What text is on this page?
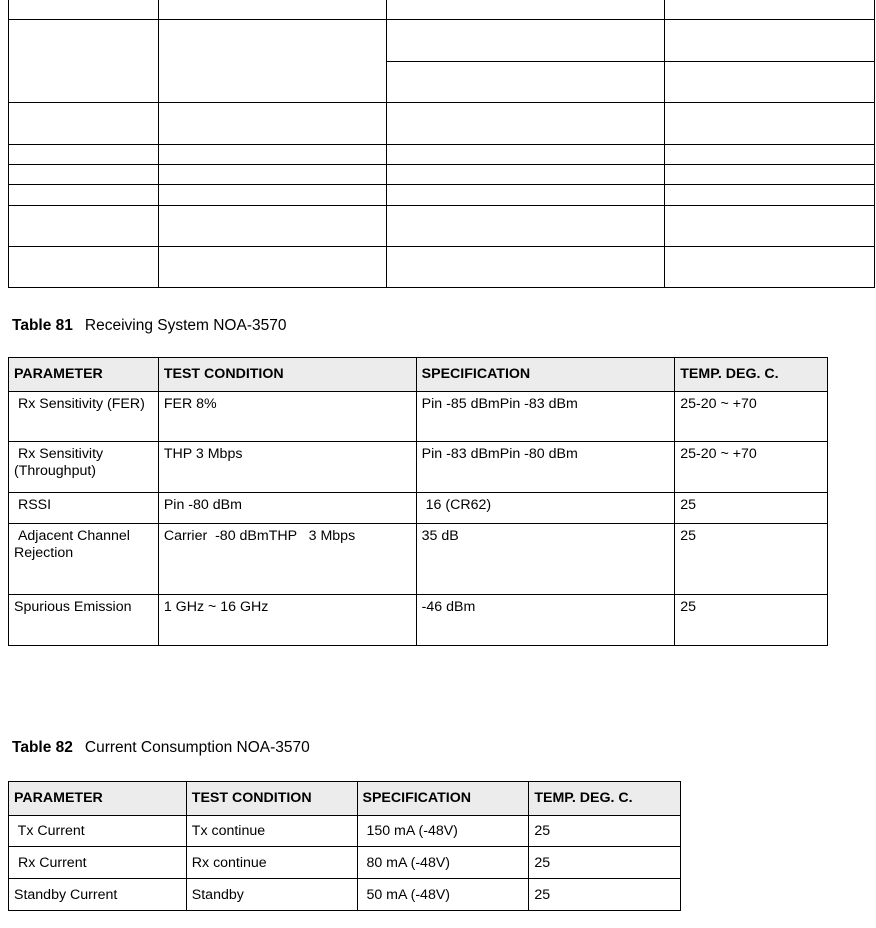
Table 81 Receiving System NOA-3570
PARAMETER	TEST CONDITION	SPECIFICATION	TEMP. DEG. C.
Rx Sensitivity (FER)	FER 8%	Pin -85 dBmPin -83 dBm	25-20 ~ +70
Rx Sensitivity (Throughput)	THP 3 Mbps	Pin -83 dBmPin -80 dBm	25-20 ~ +70
RSSI	Pin -80 dBm	16 (CR62)	25
Adjacent Channel Rejection	Carrier  -80 dBmTHP   3 Mbps	35 dB	25
Spurious Emission	1 GHz ~ 16 GHz	-46 dBm	25
Table 82 Current Consumption NOA-3570
PARAMETER	TEST CONDITION	SPECIFICATION	TEMP. DEG. C.
Tx Current	Tx continue	150 mA (-48V)	25
Rx Current	Rx continue	80 mA (-48V)	25
Standby Current	Standby	50 mA (-48V)	25
